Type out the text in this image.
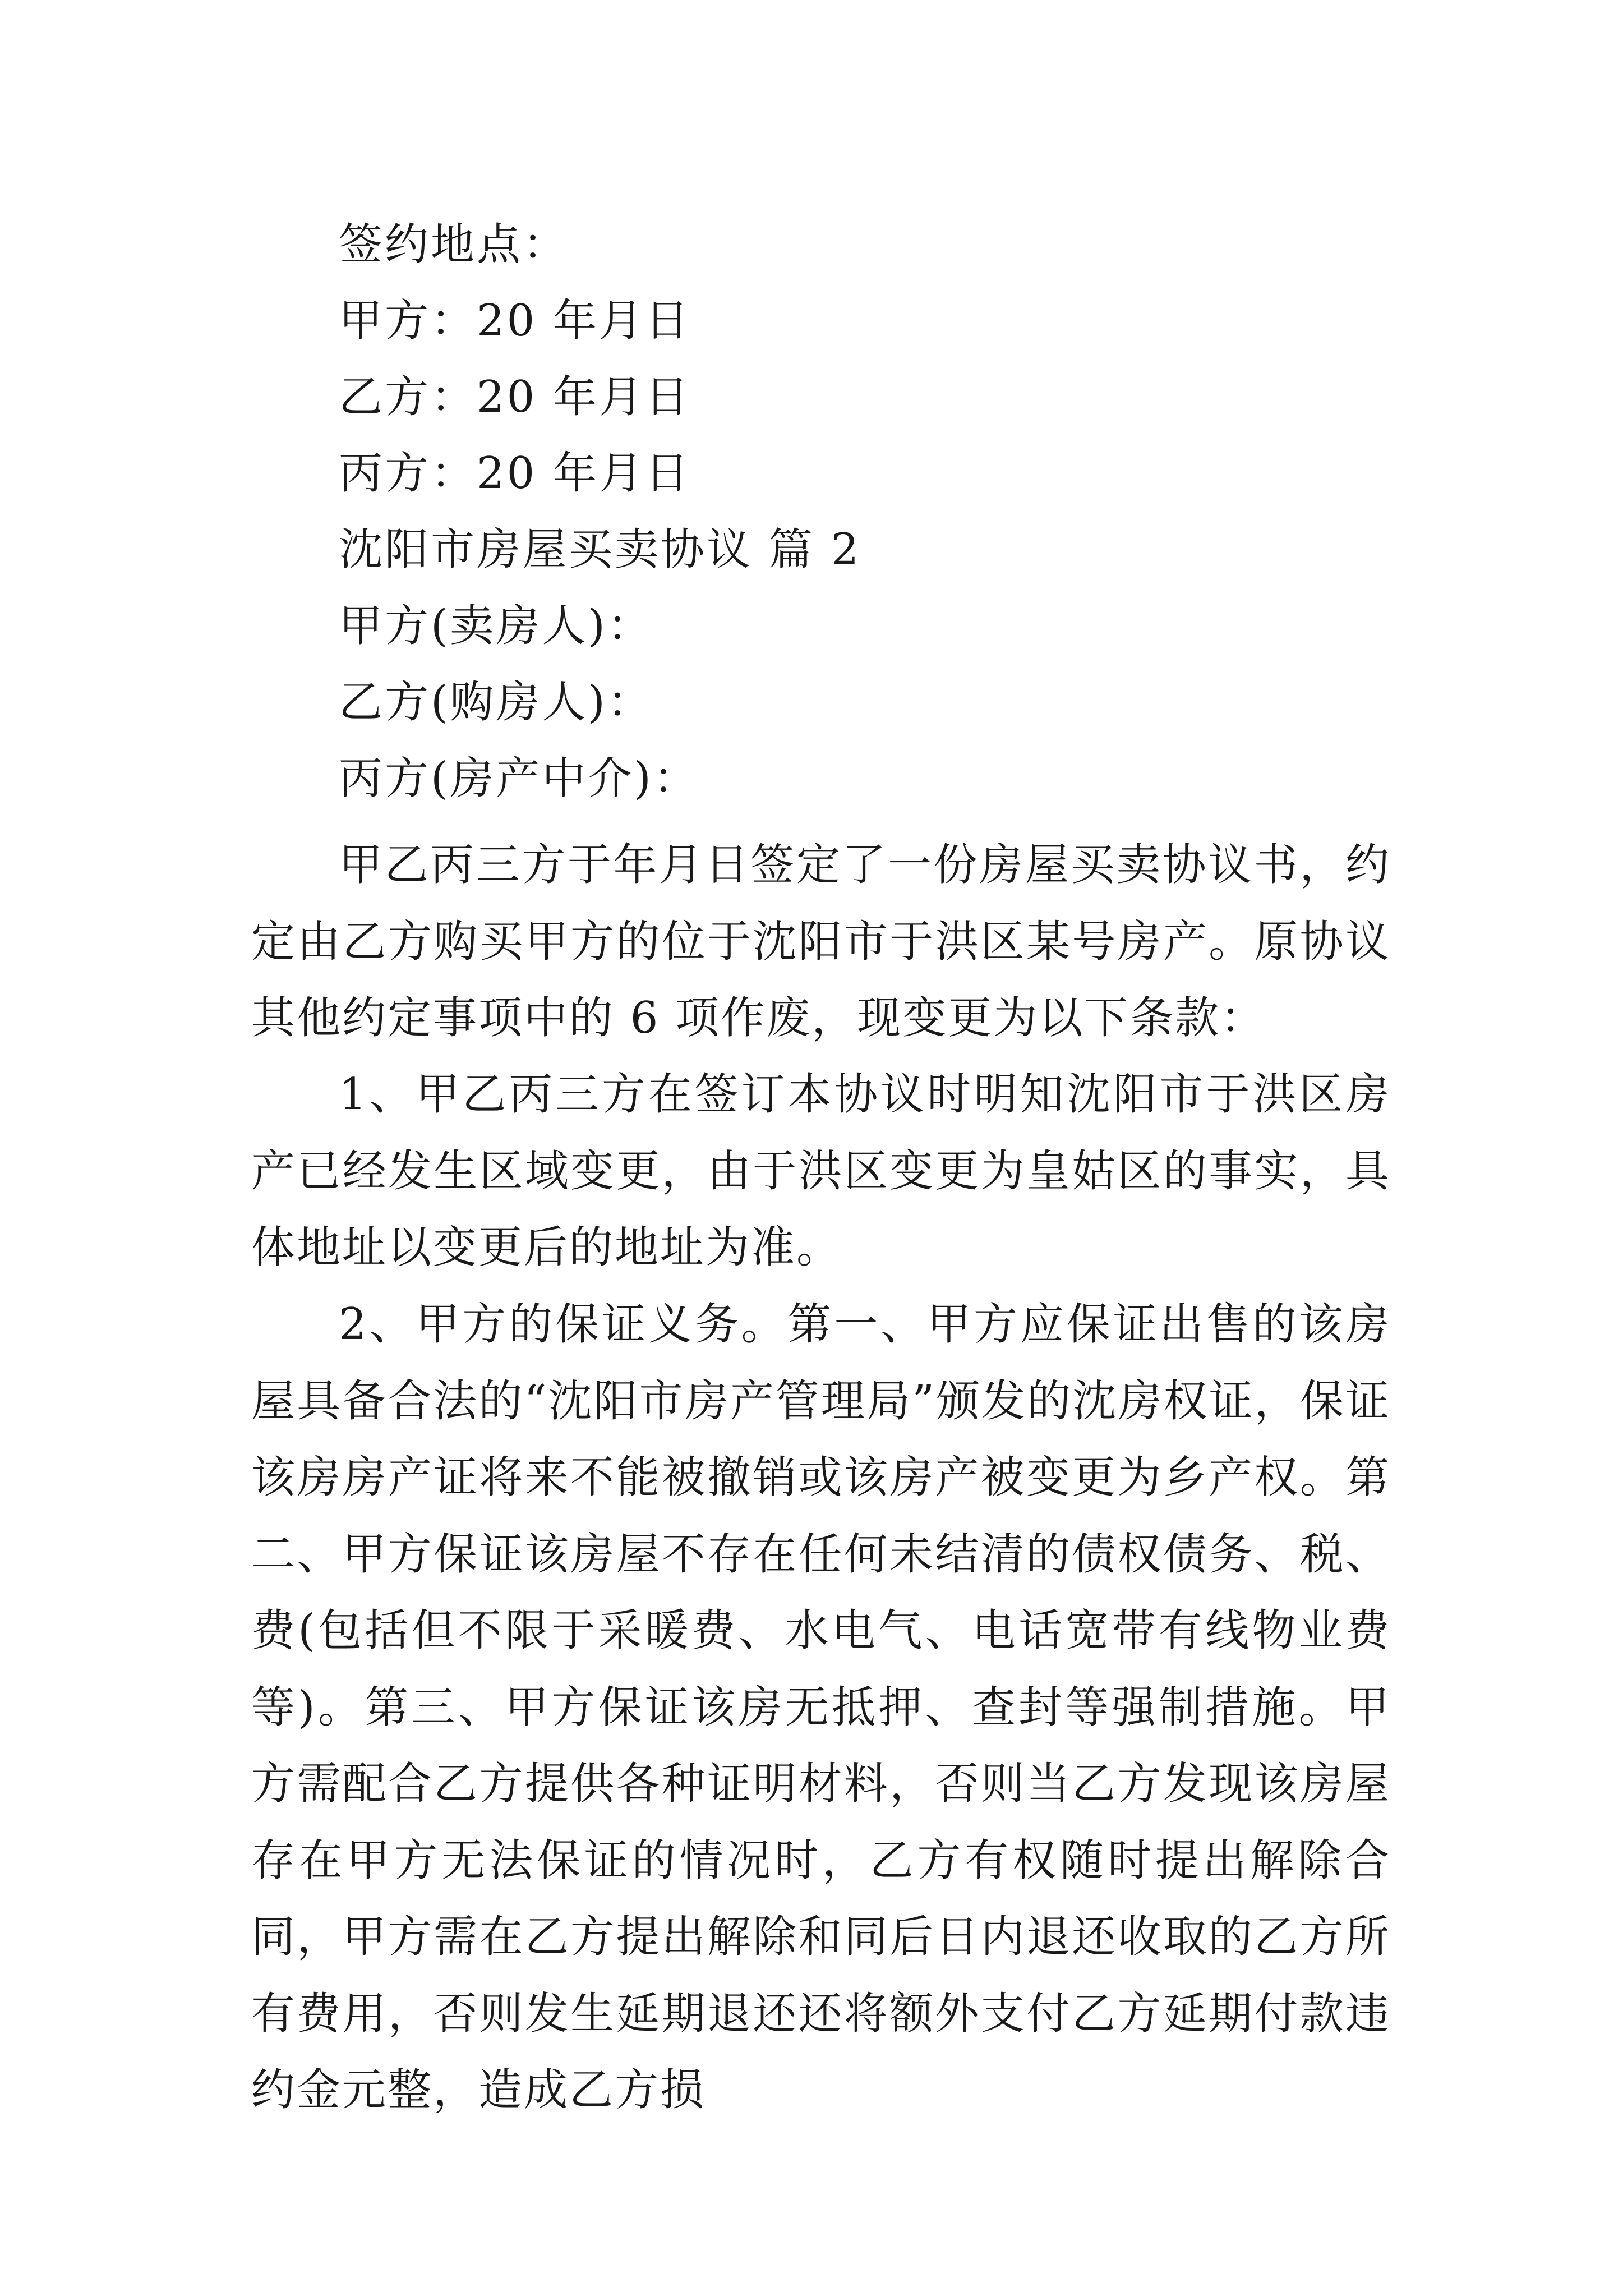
签约地点：
甲方：20 年月日
乙方：20 年月日
丙方：20 年月日
沈阳市房屋买卖协议 篇 2
甲方(卖房人)：
乙方(购房人)：
丙方(房产中介)：

甲乙丙三方于年月日签定了一份房屋买卖协议书，约定由乙方购买甲方的位于沈阳市于洪区某号房产。原协议其他约定事项中的 6 项作废，现变更为以下条款：

1、甲乙丙三方在签订本协议时明知沈阳市于洪区房产已经发生区域变更，由于洪区变更为皇姑区的事实，具体地址以变更后的地址为准。

2、甲方的保证义务。第一、甲方应保证出售的该房屋具备合法的“沈阳市房产管理局”颁发的沈房权证，保证该房房产证将来不能被撤销或该房产被变更为乡产权。第二、甲方保证该房屋不存在任何未结清的债权债务、税、费(包括但不限于采暖费、水电气、电话宽带有线物业费等)。第三、甲方保证该房无抵押、查封等强制措施。甲方需配合乙方提供各种证明材料，否则当乙方发现该房屋存在甲方无法保证的情况时，乙方有权随时提出解除合同，甲方需在乙方提出解除和同后日内退还收取的乙方所有费用，否则发生延期退还还将额外支付乙方延期付款违约金元整，造成乙方损
